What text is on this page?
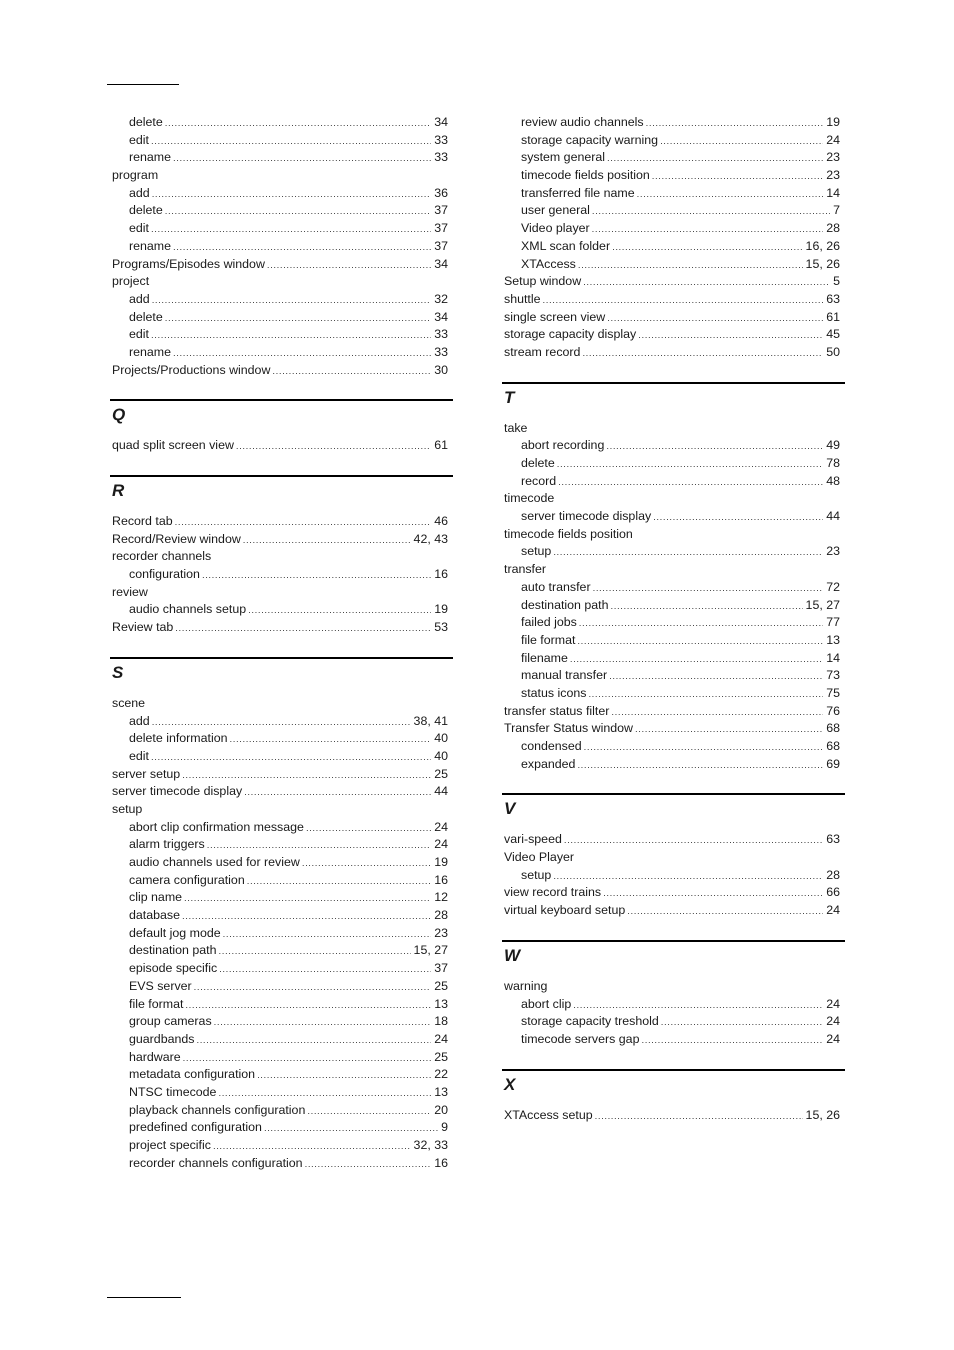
delete .....	34
edit .....	33
rename .....	33
program
add .....	36
delete .....	37
edit .....	37
rename .....	37
Programs/Episodes window .....	34
project
add .....	32
delete .....	34
edit .....	33
rename .....	33
Projects/Productions window .....	30
Q
quad split screen view .....	61
R
Record tab .....	46
Record/Review window .....	42, 43
recorder channels
configuration .....	16
review
audio channels setup .....	19
Review tab .....	53
S
scene
add .....	38, 41
delete information .....	40
edit .....	40
server setup .....	25
server timecode display .....	44
setup
abort clip confirmation message .....	24
alarm triggers .....	24
audio channels used for review .....	19
camera configuration .....	16
clip name .....	12
database .....	28
default jog mode .....	23
destination path .....	15, 27
episode specific .....	37
EVS server .....	25
file format .....	13
group cameras .....	18
guardbands .....	24
hardware .....	25
metadata configuration .....	22
NTSC timecode .....	13
playback channels configuration .....	20
predefined configuration .....	9
project specific .....	32, 33
recorder channels configuration .....	16
review audio channels .....	19
storage capacity warning .....	24
system general .....	23
timecode fields position .....	23
transferred file name .....	14
user general .....	7
Video player .....	28
XML scan folder .....	16, 26
XTAccess .....	15, 26
Setup window .....	5
shuttle .....	63
single screen view .....	61
storage capacity display .....	45
stream record .....	50
T
take
abort recording .....	49
delete .....	78
record .....	48
timecode
server timecode display .....	44
timecode fields position
setup .....	23
transfer
auto transfer .....	72
destination path .....	15, 27
failed jobs .....	77
file format .....	13
filename .....	14
manual transfer .....	73
status icons .....	75
transfer status filter .....	76
Transfer Status window .....	68
condensed .....	68
expanded .....	69
V
vari-speed .....	63
Video Player
setup .....	28
view record trains .....	66
virtual keyboard setup .....	24
W
warning
abort clip .....	24
storage capacity treshold .....	24
timecode servers gap .....	24
X
XTAccess setup .....	15, 26
